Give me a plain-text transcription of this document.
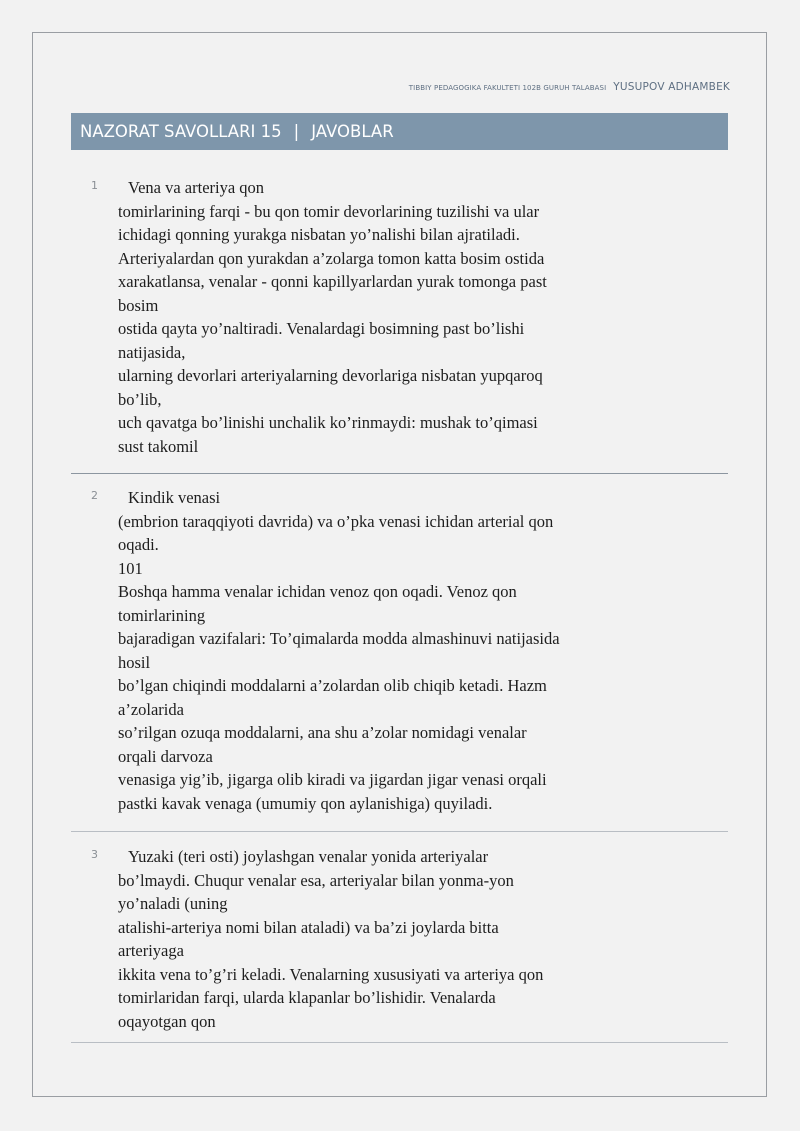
TIBBIY PEDAGOGIKA FAKULTETI 102B GURUH TALABASI YUSUPOV ADHAMBEK
NAZORAT SAVOLLARI 15 | JAVOBLAR
1	Vena va arteriya qon
tomirlarining farqi - bu qon tomir devorlarining tuzilishi va ular
ichidagi qonning yurakga nisbatan yo’nalishi bilan ajratiladi.
Arteriyalardan qon yurakdan a’zolarga tomon katta bosim ostida
xarakatlansa, venalar - qonni kapillyarlardan yurak tomonga past
bosim
ostida qayta yo’naltiradi. Venalardagi bosimning past bo’lishi
natijasida,
ularning devorlari arteriyalarning devorlariga nisbatan yupqaroq
bo’lib,
uch qavatga bo’linishi unchalik ko’rinmaydi: mushak to’qimasi
sust takomil
2	Kindik venasi
(embrion taraqqiyoti davrida) va o’pka venasi ichidan arterial qon
oqadi.
101
Boshqa hamma venalar ichidan venoz qon oqadi. Venoz qon
tomirlarining
bajaradigan vazifalari: To’qimalarda modda almashinuvi natijasida
hosil
bo’lgan chiqindi moddalarni a’zolardan olib chiqib ketadi. Hazm
a’zolarida
so’rilgan ozuqa moddalarni, ana shu a’zolar nomidagi venalar
orqali darvoza
venasiga yig’ib, jigarga olib kiradi va jigardan jigar venasi orqali
pastki kavak venaga (umumiy qon aylanishiga) quyiladi.
3	Yuzaki (teri osti) joylashgan venalar yonida arteriyalar
bo’lmaydi. Chuqur venalar esa, arteriyalar bilan yonma-yon
yo’naladi (uning
atalishi-arteriya nomi bilan ataladi) va ba’zi joylarda bitta
arteriyaga
ikkita vena to’g’ri keladi. Venalarning xususiyati va arteriya qon
tomirlaridan farqi, ularda klapanlar bo’lishidir. Venalarda
oqayotgan qon
